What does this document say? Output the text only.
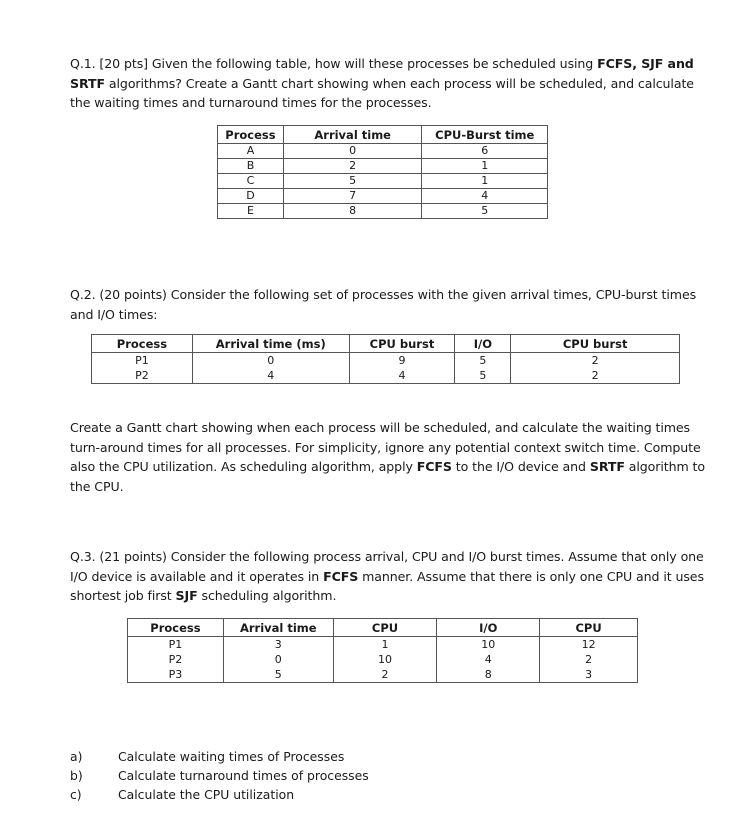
Q.1. [20 pts] Given the following table, how will these processes be scheduled using FCFS, SJF and SRTF algorithms? Create a Gantt chart showing when each process will be scheduled, and calculate the waiting times and turnaround times for the processes.
Process	Arrival time	CPU-Burst time
A	0	6
B	2	1
C	5	1
D	7	4
E	8	5
Q.2. (20 points) Consider the following set of processes with the given arrival times, CPU-burst times and I/O times:
Process	Arrival time (ms)	CPU burst	I/O	CPU burst
P1	0	9	5	2
P2	4	4	5	2
Create a Gantt chart showing when each process will be scheduled, and calculate the waiting times turn-around times for all processes. For simplicity, ignore any potential context switch time. Compute also the CPU utilization. As scheduling algorithm, apply FCFS to the I/O device and SRTF algorithm to the CPU.
Q.3. (21 points) Consider the following process arrival, CPU and I/O burst times. Assume that only one I/O device is available and it operates in FCFS manner. Assume that there is only one CPU and it uses shortest job first SJF scheduling algorithm.
Process	Arrival time	CPU	I/O	CPU
P1	3	1	10	12
P2	0	10	4	2
P3	5	2	8	3
a)	Calculate waiting times of Processes
b)	Calculate turnaround times of processes
c)	Calculate the CPU utilization
